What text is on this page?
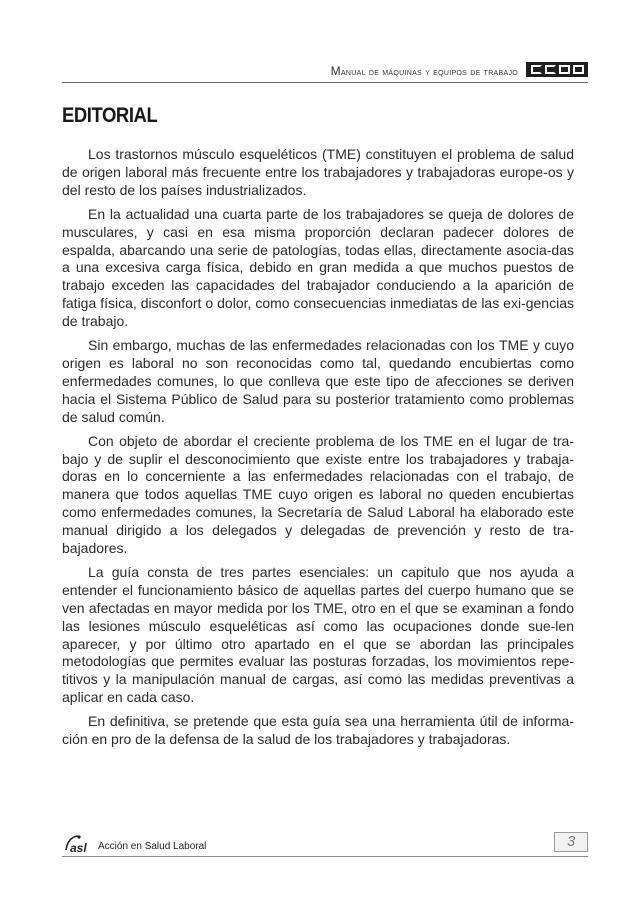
Manual de máquinas y equipos de trabajo
EDITORIAL

Los trastornos músculo esqueléticos (TME) constituyen el problema de salud de origen laboral más frecuente entre los trabajadores y trabajadoras europe-os y del resto de los países industrializados.

En la actualidad una cuarta parte de los trabajadores se queja de dolores de musculares, y casi en esa misma proporción declaran padecer dolores de espalda, abarcando una serie de patologías, todas ellas, directamente asocia-das a una excesiva carga física, debido en gran medida a que muchos puestos de trabajo exceden las capacidades del trabajador conduciendo a la aparición de fatiga física, disconfort o dolor, como consecuencias inmediatas de las exi-gencias de trabajo.

Sin embargo, muchas de las enfermedades relacionadas con los TME y cuyo origen es laboral no son reconocidas como tal, quedando encubiertas como enfermedades comunes, lo que conlleva que este tipo de afecciones se deriven hacia el Sistema Público de Salud para su posterior tratamiento como problemas de salud común.

Con objeto de abordar el creciente problema de los TME en el lugar de tra-bajo y de suplir el desconocimiento que existe entre los trabajadores y trabaja-doras en lo concerniente a las enfermedades relacionadas con el trabajo, de manera que todos aquellas TME cuyo origen es laboral no queden encubiertas como enfermedades comunes, la Secretaría de Salud Laboral ha elaborado este manual dirigido a los delegados y delegadas de prevención y resto de tra-bajadores.

La guía consta de tres partes esenciales: un capitulo que nos ayuda a entender el funcionamiento básico de aquellas partes del cuerpo humano que se ven afectadas en mayor medida por los TME, otro en el que se examinan a fondo las lesiones músculo esqueléticas así como las ocupaciones donde sue-len aparecer, y por último otro apartado en el que se abordan las principales metodologías que permites evaluar las posturas forzadas, los movimientos repe-titivos y la manipulación manual de cargas, así como las medidas preventivas a aplicar en cada caso.

En definitiva, se pretende que esta guía sea una herramienta útil de informa-ción en pro de la defensa de la salud de los trabajadores y trabajadoras.

asl Acción en Salud Laboral	3
